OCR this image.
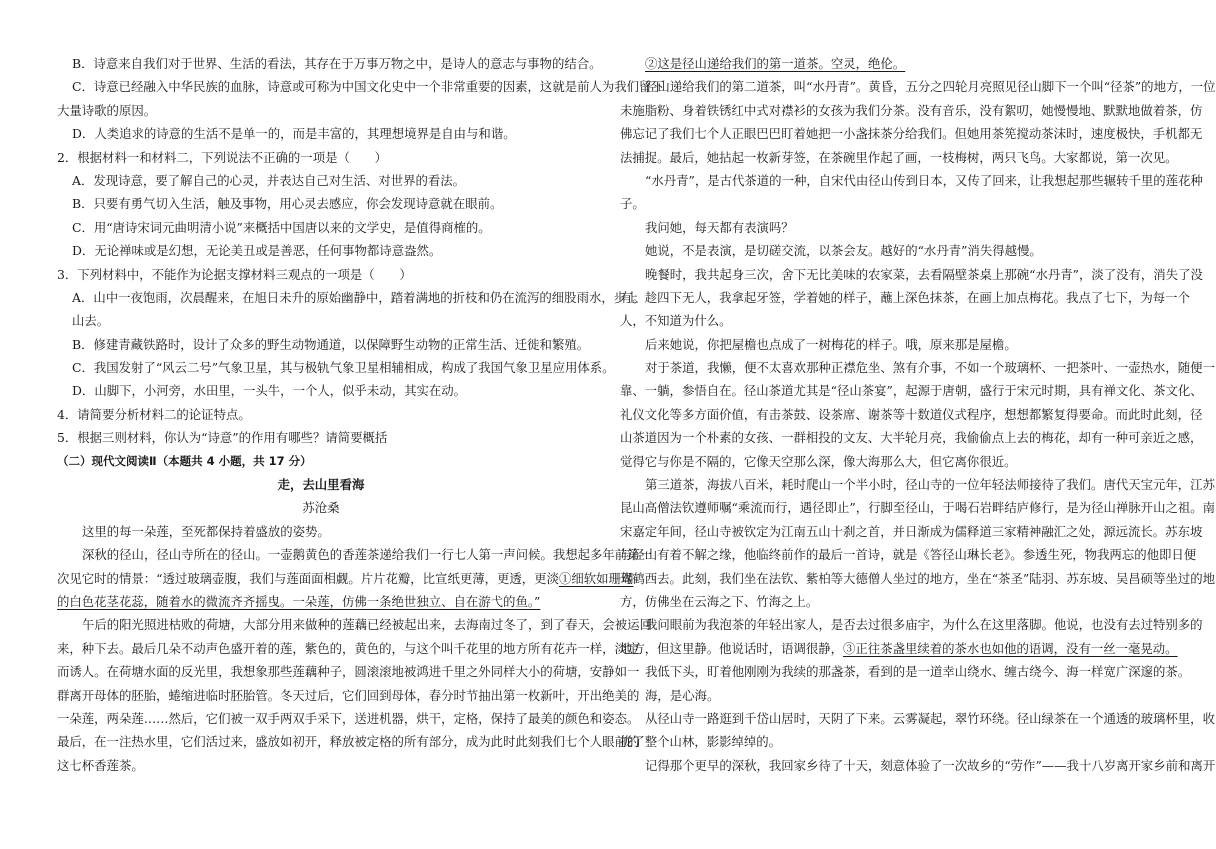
B．诗意来自我们对于世界、生活的看法，其存在于万事万物之中，是诗人的意志与事物的结合。
C．诗意已经融入中华民族的血脉，诗意或可称为中国文化史中一个非常重要的因素，这就是前人为我们留下
大量诗歌的原因。
D．人类追求的诗意的生活不是单一的，而是丰富的，其理想境界是自由与和谐。
2．根据材料一和材料二，下列说法不正确的一项是（　　）
A．发现诗意，要了解自己的心灵，并表达自己对生活、对世界的看法。
B．只要有勇气切入生活，触及事物，用心灵去感应，你会发现诗意就在眼前。
C．用“唐诗宋词元曲明清小说”来概括中国唐以来的文学史，是值得商榷的。
D．无论禅味或是幻想，无论美丑或是善恶，任何事物都诗意盎然。
3．下列材料中，不能作为论据支撑材料三观点的一项是（　　）
A．山中一夜饱雨，次晨醒来，在旭日未升的原始幽静中，踏着满地的折枝和仍在流泻的细股雨水，步上
山去。
B．修建青藏铁路时，设计了众多的野生动物通道，以保障野生动物的正常生活、迁徙和繁殖。
C．我国发射了“风云二号”气象卫星，其与极轨气象卫星相辅相成，构成了我国气象卫星应用体系。
D．山脚下，小河旁，水田里，一头牛，一个人，似乎未动，其实在动。
4．请简要分析材料二的论证特点。
5．根据三则材料，你认为“诗意”的作用有哪些？请简要概括
（二）现代文阅读Ⅱ（本题共 4 小题，共 17 分）
走，去山里看海
苏沧桑
这里的每一朵莲，至死都保持着盛放的姿势。
深秋的径山，径山寺所在的径山。一壶鹅黄色的香莲茶递给我们一行七人第一声问候。我想起多年前第一
次见它时的情景：“透过玻璃壶腹，我们与莲面面相觑。片片花瓣，比宣纸更薄，更透，更淡①细软如珊瑚
的白色花茎花蕊，随着水的微流齐齐摇曳。一朵莲，仿佛一条绝世独立、自在游弋的鱼。”
午后的阳光照进枯败的荷塘，大部分用来做种的莲藕已经被起出来，去海南过冬了，到了春天，会被运回
来，种下去。最后几朵不动声色盛开着的莲，紫色的，黄色的，与这个叫千花里的地方所有花卉一样，淡定
而诱人。在荷塘水面的反光里，我想象那些莲藕种子，圆滚滚地被鸿进千里之外同样大小的荷塘，安静如一
群离开母体的胚胎，蜷缩进临时胚胎管。冬天过后，它们回到母体，春分时节抽出第一枚新叶，开出绝美的
一朵莲，两朵莲……然后，它们被一双手两双手采下，送进机器，烘干，定格，保持了最美的颜色和姿态。
最后，在一注热水里，它们活过来，盛放如初开，释放被定格的所有部分，成为此时此刻我们七个人眼前的
这七杯香莲茶。
②这是径山递给我们的第一道茶。空灵，绝伦。
径山递给我们的第二道茶，叫“水丹青”。黄昏，五分之四轮月亮照见径山脚下一个叫“径茶”的地方，一位
未施脂粉、身着铁锈红中式对襟衫的女孩为我们分茶。没有音乐，没有絮叨，她慢慢地、默默地做着茶，仿
佛忘记了我们七个人正眼巴巴盯着她把一小盏抹茶分给我们。但她用茶筅搅动茶沫时，速度极快，手机都无
法捕捉。最后，她拈起一枚新芽签，在茶碗里作起了画，一枝梅树，两只飞鸟。大家都说，第一次见。
“水丹青”，是古代茶道的一种，自宋代由径山传到日本，又传了回来，让我想起那些辗转千里的莲花种
子。
我问她，每天都有表演吗？
她说，不是表演，是切磋交流，以茶会友。越好的“水丹青”消失得越慢。
晚餐时，我共起身三次，舍下无比美味的农家菜，去看隔壁茶桌上那碗“水丹青”，淡了没有，消失了没
有。趁四下无人，我拿起牙签，学着她的样子，蘸上深色抹茶，在画上加点梅花。我点了七下，为每一个
人，不知道为什么。
后来她说，你把屋檐也点成了一树梅花的样子。哦，原来那是屋檐。
对于茶道，我懒，便不太喜欢那种正襟危坐、煞有介事，不如一个玻璃杯、一把茶叶、一壶热水，随便一
靠、一躺，参悟自在。径山茶道尤其是“径山茶宴”，起源于唐朝，盛行于宋元时期，具有禅文化、茶文化、
礼仪文化等多方面价值，有击茶鼓、设茶席、谢茶等十数道仪式程序，想想都繁复得要命。而此时此刻，径
山茶道因为一个朴素的女孩、一群相投的文友、大半轮月亮，我偷偷点上去的梅花，却有一种可亲近之感，
觉得它与你是不隔的，它像天空那么深，像大海那么大，但它离你很近。
第三道茶，海拔八百米，耗时爬山一个半小时，径山寺的一位年轻法师接待了我们。唐代天宝元年，江苏
昆山高僧法钦遵师嘱“乘流而行，遇径即止”，行脚至径山，于喝石岩畔结庐修行，是为径山禅脉开山之祖。南
宋嘉定年间，径山寺被钦定为江南五山十刹之首，并日渐成为儒释道三家精神融汇之处，源远流长。苏东坡
与径山有着不解之缘，他临终前作的最后一首诗，就是《答径山琳长老》。参透生死，物我两忘的他即日便
驾鹤西去。此刻，我们坐在法钦、紫柏等大德僧人坐过的地方，坐在“茶圣”陆羽、苏东坡、吴昌硕等坐过的地
方，仿佛坐在云海之下、竹海之上。
我问眼前为我泡茶的年轻出家人，是否去过很多庙宇，为什么在这里落脚。他说，也没有去过特别多的
地方，但这里静。他说话时，语调很静，③正往茶盏里续着的茶水也如他的语调，没有一丝一毫晃动。
我低下头，盯着他刚刚为我续的那盏茶，看到的是一道幸山绕水、缠古绕今、海一样宽广深邃的茶。
海，是心海。
从径山寺一路逛到千岱山居时，天阴了下来。云雾凝起，翠竹环绕。径山绿茶在一个通透的玻璃杯里，收
拢了整个山林，影影绰绰的。
记得那个更早的深秋，我回家乡待了十天，刻意体验了一次故乡的“劳作”——我十八岁离开家乡前和离开
